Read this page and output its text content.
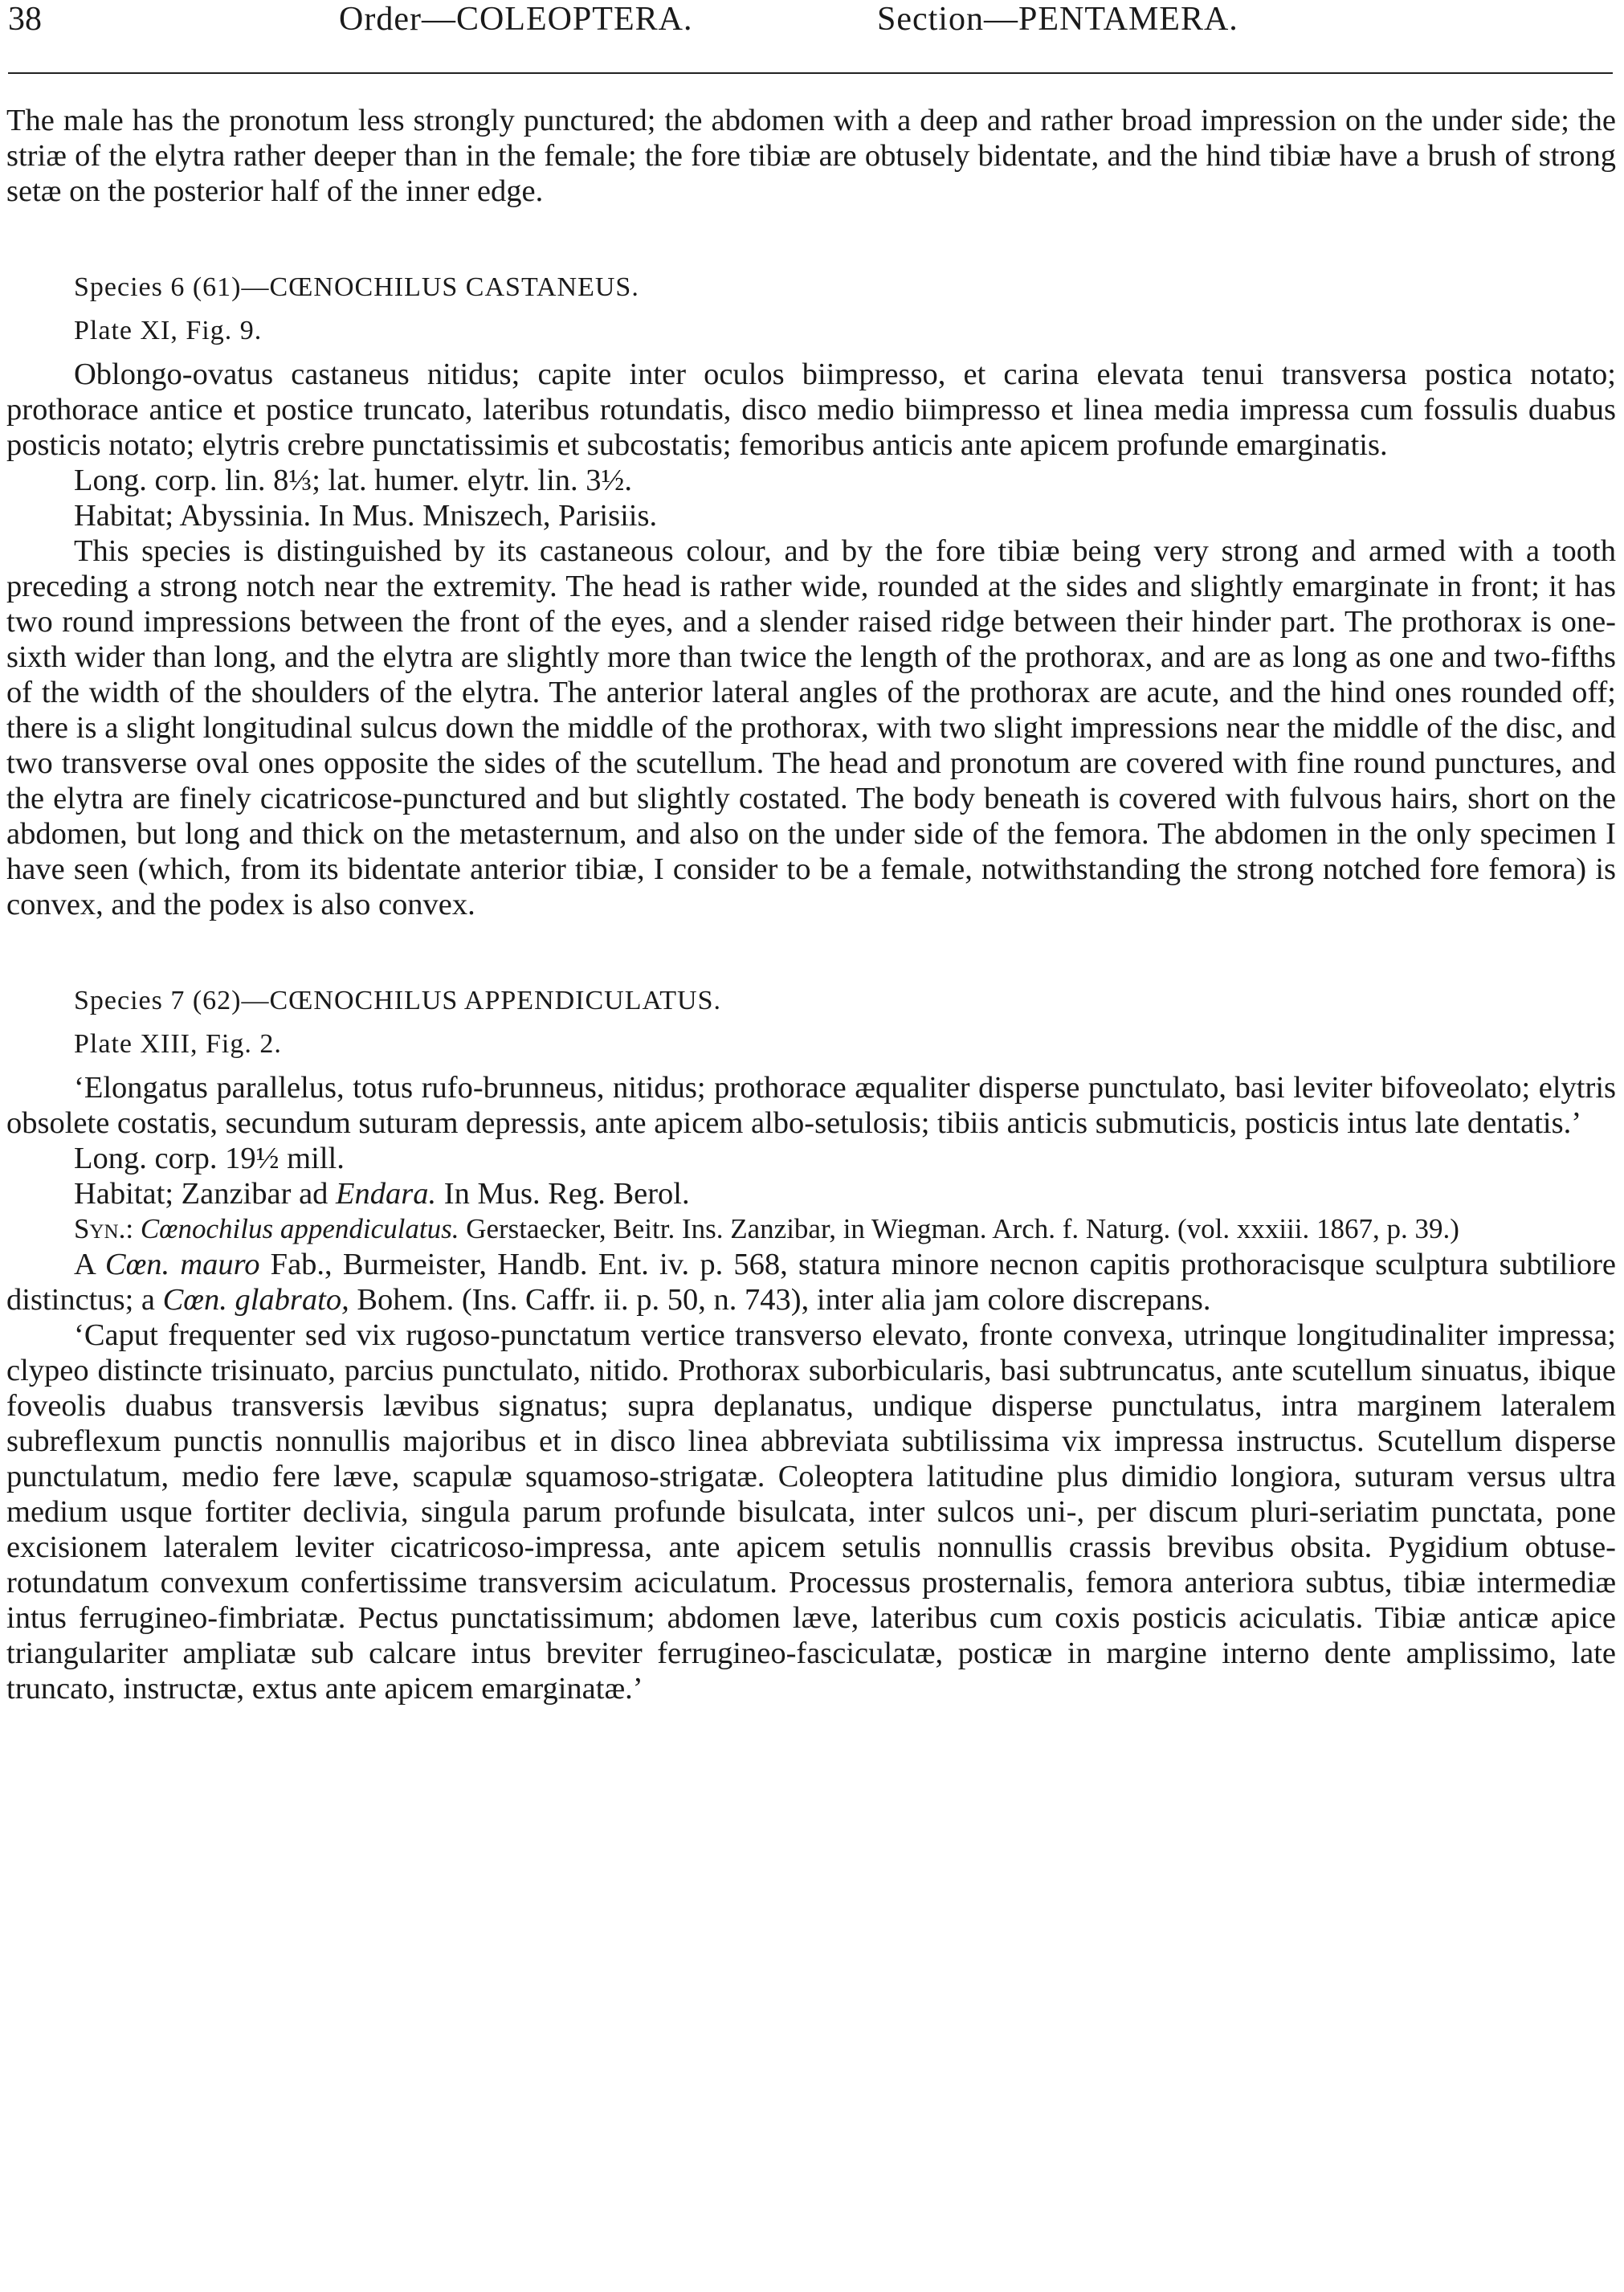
38	Order—COLEOPTERA.	Section—PENTAMERA.

The male has the pronotum less strongly punctured; the abdomen with a deep and rather broad impression on the under side; the striæ of the elytra rather deeper than in the female; the fore tibiæ are obtusely bidentate, and the hind tibiæ have a brush of strong setæ on the posterior half of the inner edge.

Species 6 (61)—CŒNOCHILUS CASTANEUS.

Plate XI, Fig. 9.

Oblongo-ovatus castaneus nitidus; capite inter oculos biimpresso, et carina elevata tenui transversa postica notato; prothorace antice et postice truncato, lateribus rotundatis, disco medio biimpresso et linea media impressa cum fossulis duabus posticis notato; elytris crebre punctatissimis et subcostatis; femoribus anticis ante apicem profunde emarginatis.

Long. corp. lin. 8⅓; lat. humer. elytr. lin. 3½.

Habitat; Abyssinia. In Mus. Mniszech, Parisiis.

This species is distinguished by its castaneous colour, and by the fore tibiæ being very strong and armed with a tooth preceding a strong notch near the extremity. The head is rather wide, rounded at the sides and slightly emarginate in front; it has two round impressions between the front of the eyes, and a slender raised ridge between their hinder part. The prothorax is one-sixth wider than long, and the elytra are slightly more than twice the length of the prothorax, and are as long as one and two-fifths of the width of the shoulders of the elytra. The anterior lateral angles of the prothorax are acute, and the hind ones rounded off; there is a slight longitudinal sulcus down the middle of the prothorax, with two slight impressions near the middle of the disc, and two transverse oval ones opposite the sides of the scutellum. The head and pronotum are covered with fine round punctures, and the elytra are finely cicatricose-punctured and but slightly costated. The body beneath is covered with fulvous hairs, short on the abdomen, but long and thick on the metasternum, and also on the under side of the femora. The abdomen in the only specimen I have seen (which, from its bidentate anterior tibiæ, I consider to be a female, notwithstanding the strong notched fore femora) is convex, and the podex is also convex.

Species 7 (62)—CŒNOCHILUS APPENDICULATUS.

Plate XIII, Fig. 2.

‘Elongatus parallelus, totus rufo-brunneus, nitidus; prothorace æqualiter disperse punctulato, basi leviter bifoveolato; elytris obsolete costatis, secundum suturam depressis, ante apicem albo-setulosis; tibiis anticis submuticis, posticis intus late dentatis.’

Long. corp. 19½ mill.

Habitat; Zanzibar ad Endara. In Mus. Reg. Berol.

Syn.: Cœnochilus appendiculatus. Gerstaecker, Beitr. Ins. Zanzibar, in Wiegman. Arch. f. Naturg. (vol. xxxiii. 1867, p. 39.)

A Cœn. mauro Fab., Burmeister, Handb. Ent. iv. p. 568, statura minore necnon capitis prothoracisque sculptura subtiliore distinctus; a Cœn. glabrato, Bohem. (Ins. Caffr. ii. p. 50, n. 743), inter alia jam colore discrepans.

‘Caput frequenter sed vix rugoso-punctatum vertice transverso elevato, fronte convexa, utrinque longitudinaliter impressa; clypeo distincte trisinuato, parcius punctulato, nitido. Prothorax suborbicularis, basi subtruncatus, ante scutellum sinuatus, ibique foveolis duabus transversis lævibus signatus; supra deplanatus, undique disperse punctulatus, intra marginem lateralem subreflexum punctis nonnullis majoribus et in disco linea abbreviata subtilissima vix impressa instructus. Scutellum disperse punctulatum, medio fere læve, scapulæ squamoso-strigatæ. Coleoptera latitudine plus dimidio longiora, suturam versus ultra medium usque fortiter declivia, singula parum profunde bisulcata, inter sulcos uni-, per discum pluri-seriatim punctata, pone excisionem lateralem leviter cicatricoso-impressa, ante apicem setulis nonnullis crassis brevibus obsita. Pygidium obtuse-rotundatum convexum confertissime transversim aciculatum. Processus prosternalis, femora anteriora subtus, tibiæ intermediæ intus ferrugineo-fimbriatæ. Pectus punctatissimum; abdomen læve, lateribus cum coxis posticis aciculatis. Tibiæ anticæ apice triangulariter ampliatæ sub calcare intus breviter ferrugineo-fasciculatæ, posticæ in margine interno dente amplissimo, late truncato, instructæ, extus ante apicem emarginatæ.’
